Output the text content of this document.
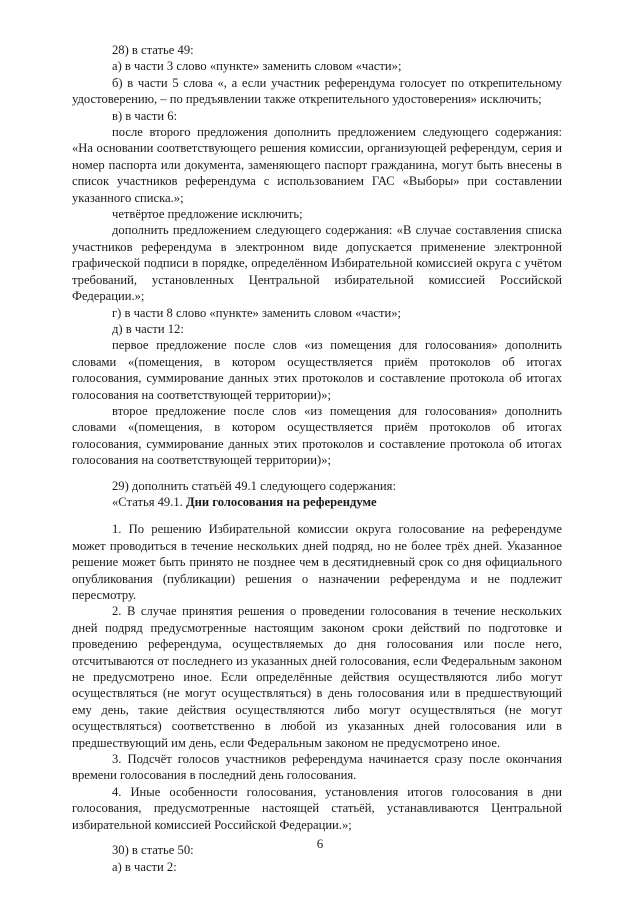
28) в статье 49:

а) в части 3 слово «пункте» заменить словом «части»;

б) в части 5 слова «, а если участник референдума голосует по открепительному удостоверению, – по предъявлении также открепительного удостоверения» исключить;

в) в части 6:

после второго предложения дополнить предложением следующего содержания: «На основании соответствующего решения комиссии, организующей референдум, серия и номер паспорта или документа, заменяющего паспорт гражданина, могут быть внесены в список участников референдума с использованием ГАС «Выборы» при составлении указанного списка.»;

четвёртое предложение исключить;

дополнить предложением следующего содержания: «В случае составления списка участников референдума в электронном виде допускается применение электронной графической подписи в порядке, определённом Избирательной комиссией округа с учётом требований, установленных Центральной избирательной комиссией Российской Федерации.»;

г) в части 8 слово «пункте» заменить словом «части»;

д) в части 12:

первое предложение после слов «из помещения для голосования» дополнить словами «(помещения, в котором осуществляется приём протоколов об итогах голосования, суммирование данных этих протоколов и составление протокола об итогах голосования на соответствующей территории)»;

второе предложение после слов «из помещения для голосования» дополнить словами «(помещения, в котором осуществляется приём протоколов об итогах голосования, суммирование данных этих протоколов и составление протокола об итогах голосования на соответствующей территории)»;

29) дополнить статьёй 49.1 следующего содержания:

«Статья 49.1. Дни голосования на референдуме

1. По решению Избирательной комиссии округа голосование на референдуме может проводиться в течение нескольких дней подряд, но не более трёх дней. Указанное решение может быть принято не позднее чем в десятидневный срок со дня официального опубликования (публикации) решения о назначении референдума и не подлежит пересмотру.

2. В случае принятия решения о проведении голосования в течение нескольких дней подряд предусмотренные настоящим законом сроки действий по подготовке и проведению референдума, осуществляемых до дня голосования или после него, отсчитываются от последнего из указанных дней голосования, если Федеральным законом не предусмотрено иное. Если определённые действия осуществляются либо могут осуществляться (не могут осуществляться) в день голосования или в предшествующий ему день, такие действия осуществляются либо могут осуществляться (не могут осуществляться) соответственно в любой из указанных дней голосования или в предшествующий им день, если Федеральным законом не предусмотрено иное.

3. Подсчёт голосов участников референдума начинается сразу после окончания времени голосования в последний день голосования.

4. Иные особенности голосования, установления итогов голосования в дни голосования, предусмотренные настоящей статьёй, устанавливаются Центральной избирательной комиссией Российской Федерации.»;

30) в статье 50:

а) в части 2:

6
